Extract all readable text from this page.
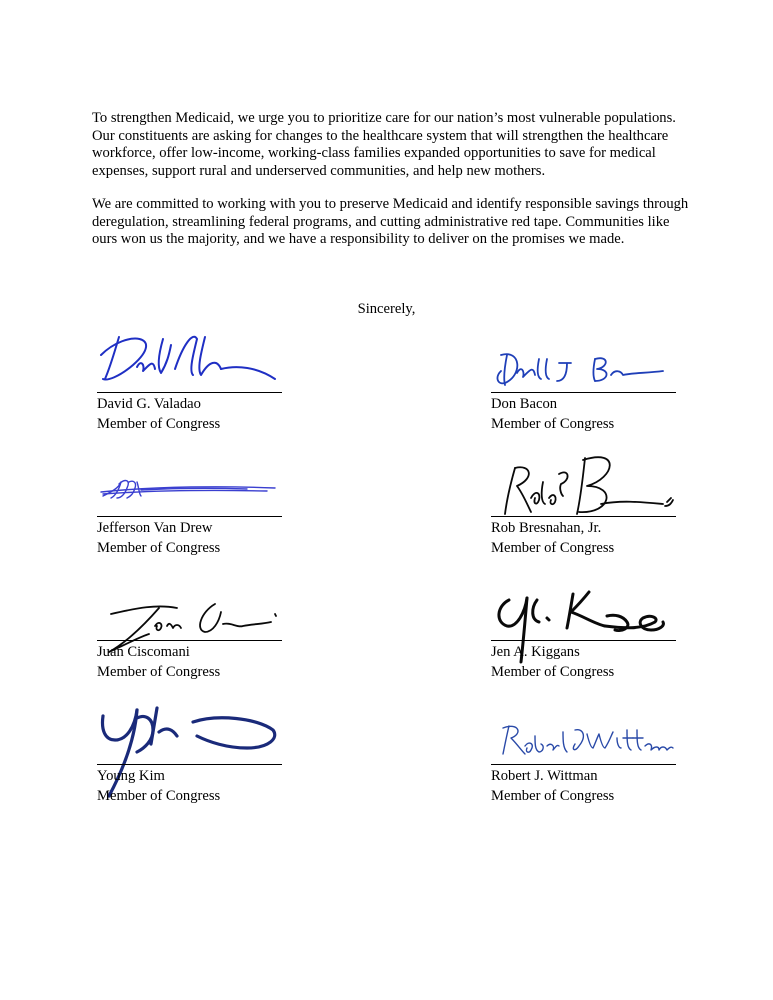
To strengthen Medicaid, we urge you to prioritize care for our nation’s most vulnerable populations. Our constituents are asking for changes to the healthcare system that will strengthen the healthcare workforce, offer low-income, working-class families expanded opportunities to save for medical expenses, support rural and underserved communities, and help new mothers.

We are committed to working with you to preserve Medicaid and identify responsible savings through deregulation, streamlining federal programs, and cutting administrative red tape. Communities like ours won us the majority, and we have a responsibility to deliver on the promises we made.

Sincerely,
David G. Valadao
Member of Congress
Don Bacon
Member of Congress
Jefferson Van Drew
Member of Congress
Rob Bresnahan, Jr.
Member of Congress
Juan Ciscomani
Member of Congress
Jen A. Kiggans
Member of Congress
Young Kim
Member of Congress
Robert J. Wittman
Member of Congress
